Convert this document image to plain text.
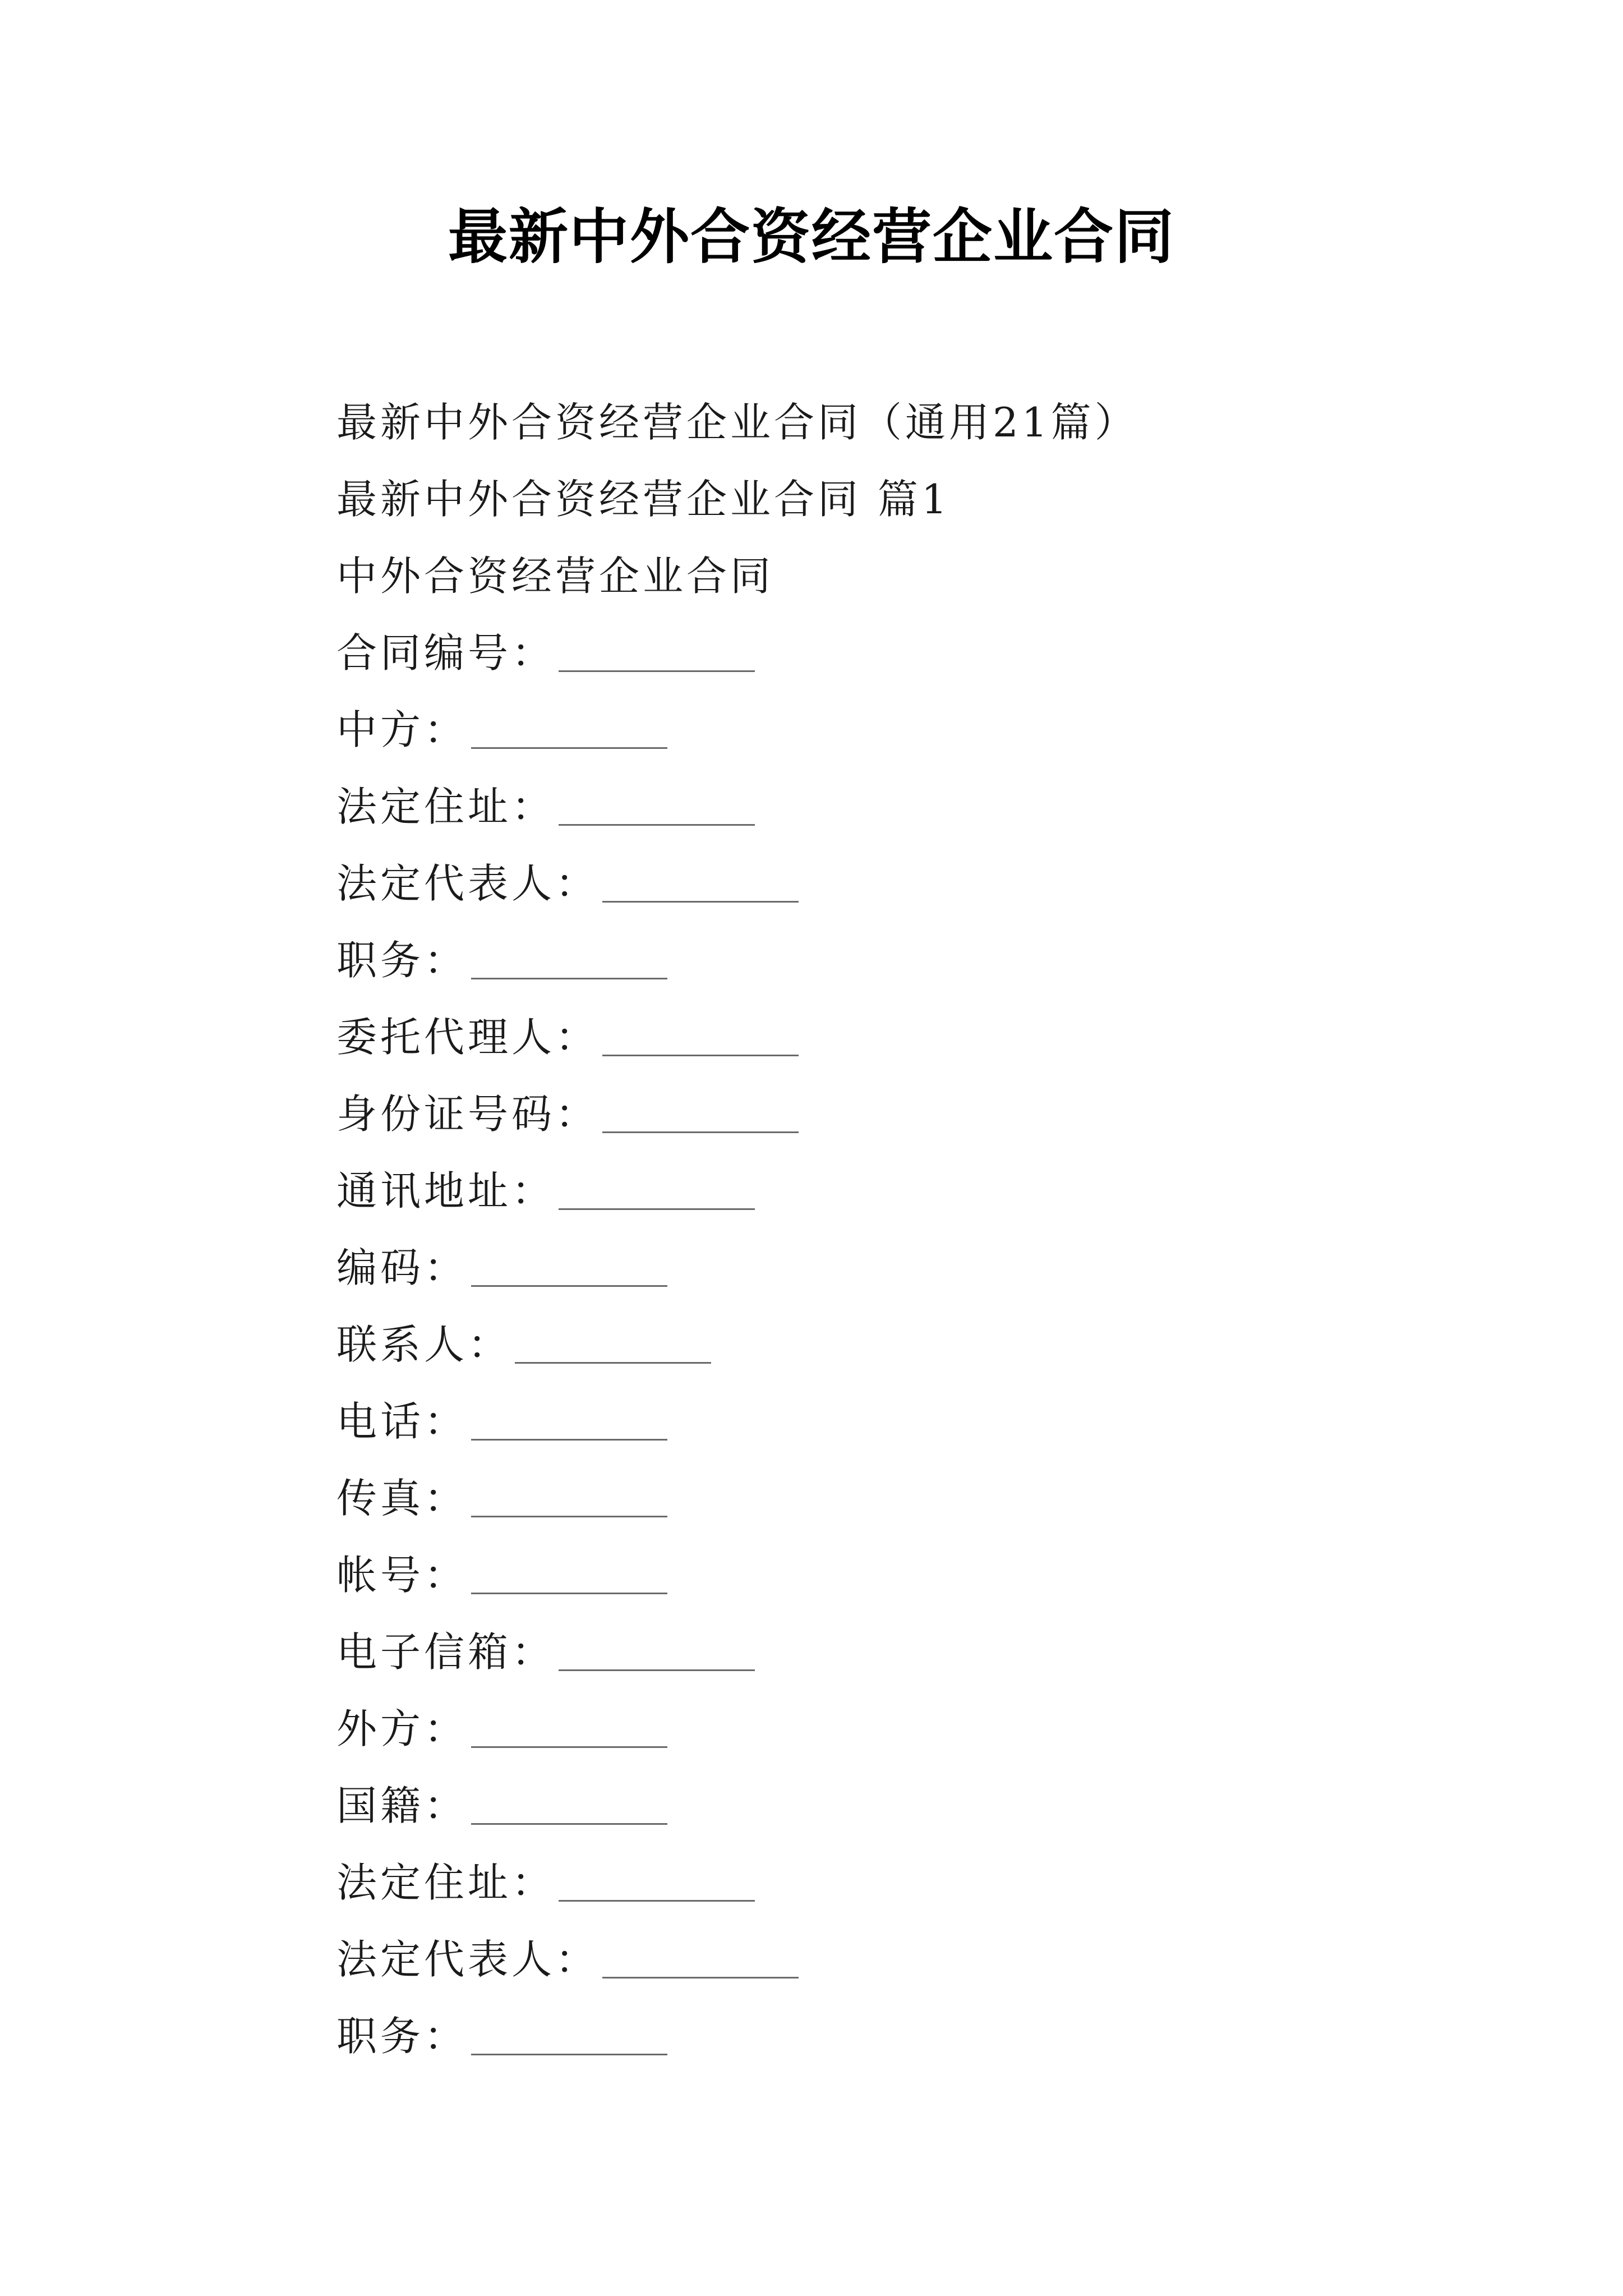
最新中外合资经营企业合同
最新中外合资经营企业合同（通用21篇）
最新中外合资经营企业合同 篇1
中外合资经营企业合同
合同编号：
中方：
法定住址：
法定代表人：
职务：
委托代理人：
身份证号码：
通讯地址：
编码：
联系人：
电话：
传真：
帐号：
电子信箱：
外方：
国籍：
法定住址：
法定代表人：
职务：
